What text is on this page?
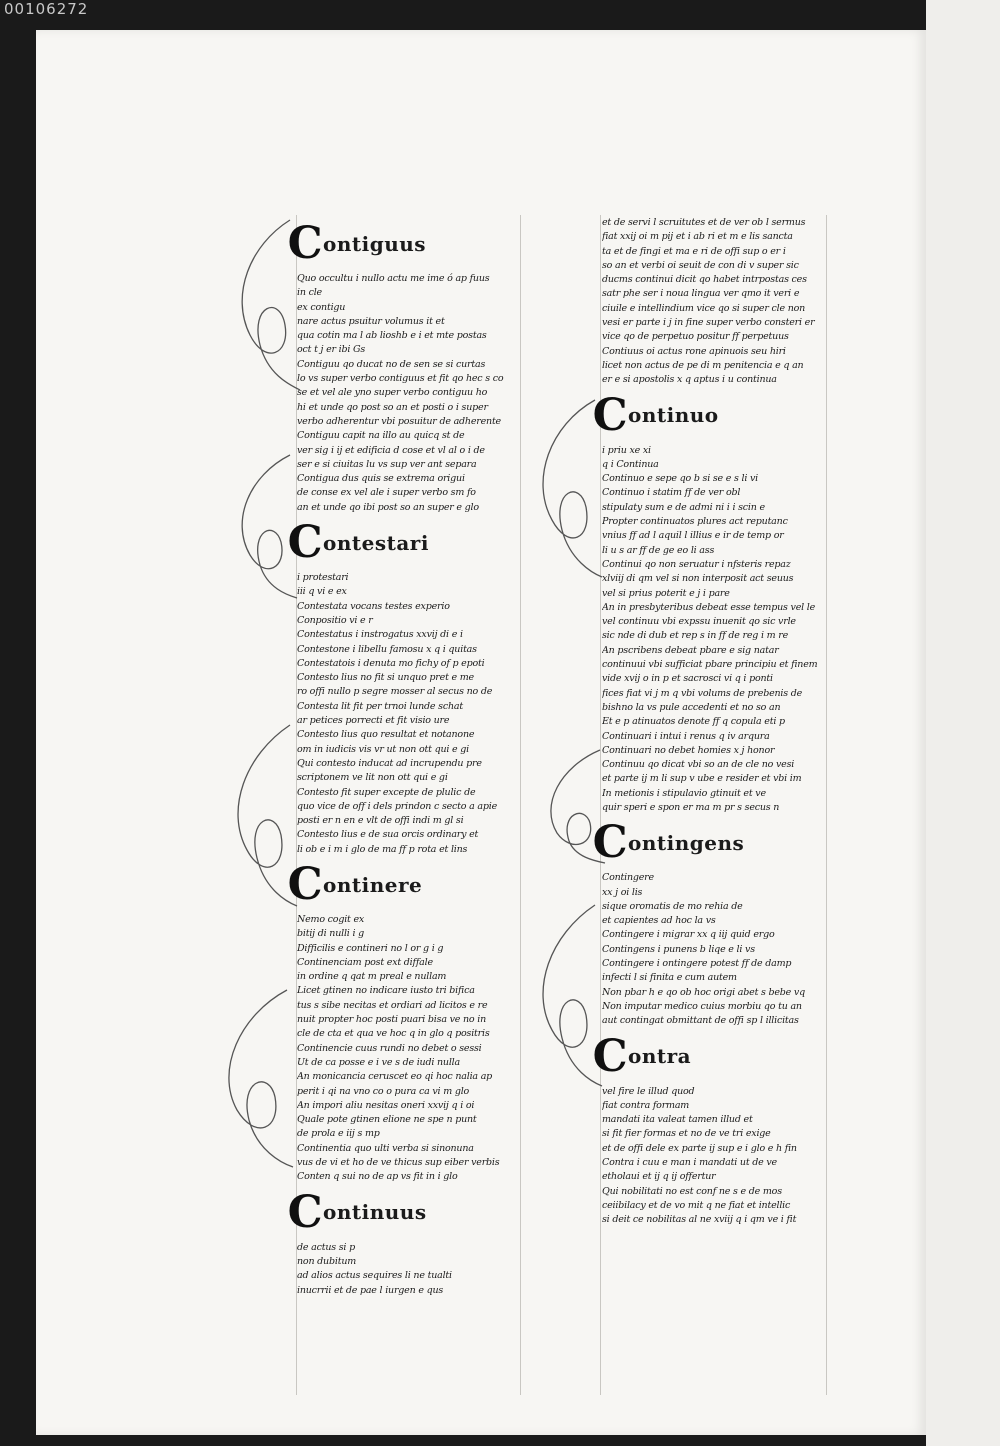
00106272
C ontiguus
Quo occultu i nullo actu me ime ó ap fuus
in cle
ex contigu
nare actus psuitur volumus it et
qua cotin ma l ab lioshb e i et mte postas
oct t j er ibi Gs
Contiguu qo ducat no de sen se si curtas
lo vs super verbo contiguus et fit qo hec s co
se et vel ale yno super verbo contiguu ho
hi et unde qo post so an et posti o i super
verbo adherentur vbi posuitur de adherente
Contiguu capit na illo au quicq st de
ver sig i ij et edificia d cose et vl al o i de
ser e si ciuitas lu vs sup ver ant separa
Contigua dus quis se extrema origui
de conse ex vel ale i super verbo sm fo
an et unde qo ibi post so an super e glo
C ontestari
i protestari
iii q vi e ex
Contestata vocans testes experio
Conpositio vi e r
Contestatus i instrogatus xxvij di e i
Contestone i libellu famosu x q i quitas
Contestatois i denuta mo fichy of p epoti
Contesto lius no fit si unquo pret e me
ro offi nullo p segre mosser al secus no de
Contesta lit fit per trnoi lunde schat
ar petices porrecti et fit visio ure
Contesto lius quo resultat et notanone
om in iudicis vis vr ut non ott qui e gi
Qui contesto inducat ad incrupendu pre
scriptonem ve lit non ott qui e gi
Contesto fit super excepte de plulic de
quo vice de off i dels prindon c secto a apie
posti er n en e vlt de offi indi m gl si
Contesto lius e de sua orcis ordinary et
li ob e i m i glo de ma ff p rota et lins
C ontinere
Nemo cogit ex
bitij di nulli i g
Difficilis e contineri no l or g i g
Continenciam post ext diffale
in ordine q qat m preal e nullam
Licet gtinen no indicare iusto tri bifica
tus s sibe necitas et ordiari ad licitos e re
nuit propter hoc posti puari bisa ve no in
cle de cta et qua ve hoc q in glo q positris
Continencie cuus rundi no debet o sessi
Ut de ca posse e i ve s de iudi nulla
An monicancia ceruscet eo qi hoc nalia ap
perit i qi na vno co o pura ca vi m glo
An impori aliu nesitas oneri xxvij q i oi
Quale pote gtinen elione ne spe n punt
de prola e iij s mp
Continentia quo ulti verba si sinonuna
vus de vi et ho de ve thicus sup eiber verbis
Conten q sui no de ap vs fit in i glo
C ontinuus
de actus si p
non dubitum
ad alios actus sequires li ne tualti
inucrrii et de pae l iurgen e qus
et de servi l scruitutes et de ver ob l sermus
fiat xxij oi m pij et i ab ri et m e lis sancta
ta et de fingi et ma e ri de offi sup o er i
so an et verbi oi seuit de con di v super sic
ducms continui dicit qo habet intrpostas ces
satr phe ser i noua lingua ver qmo it veri e
ciuile e intellindium vice qo si super cle non
vesi er parte i j in fine super verbo consteri er
vice qo de perpetuo positur ff perpetuus
Contiuus oi actus rone apinuois seu hiri
licet non actus de pe di m penitencia e q an
er e si apostolis x q aptus i u continua
C ontinuo
i priu xe xi
q i Continua
Continuo e sepe qo b si se e s li vi
Continuo i statim ff de ver obl
stipulaty sum e de admi ni i i scin e
Propter continuatos plures act reputanc
vnius ff ad l aquil l illius e ir de temp or
li u s ar ff de ge eo li ass
Continui qo non seruatur i nfsteris repaz
xlviij di qm vel si non interposit act seuus
vel si prius poterit e j i pare
An in presbyteribus debeat esse tempus vel le
vel continuu vbi expssu inuenit qo sic vrle
sic nde di dub et rep s in ff de reg i m re
An pscribens debeat pbare e sig natar
continuui vbi sufficiat pbare principiu et finem
vide xvij o in p et sacrosci vi q i ponti
fices fiat vi j m q vbi volums de prebenis de
bishno la vs pule accedenti et no so an
Et e p atinuatos denote ff q copula eti p
Continuari i intui i renus q iv arqura
Continuari no debet homies x j honor
Continuu qo dicat vbi so an de cle no vesi
et parte ij m li sup v ube e resider et vbi im
In metionis i stipulavio gtinuit et ve
quir speri e spon er ma m pr s secus n
C ontingens
Contingere
xx j oi lis
sique oromatis de mo rehia de
et capientes ad hoc la vs
Contingere i migrar xx q iij quid ergo
Contingens i punens b liqe e li vs
Contingere i ontingere potest ff de damp
infecti l si finita e cum autem
Non pbar h e qo ob hoc origi abet s bebe vq
Non imputar medico cuius morbiu qo tu an
aut contingat obmittant de offi sp l illicitas
C ontra
vel fire le illud quod
fiat contra formam
mandati ita valeat tamen illud et
si fit fier formas et no de ve tri exige
et de offi dele ex parte ij sup e i glo e h fin
Contra i cuu e man i mandati ut de ve
etholaui et ij q ij offertur
Qui nobilitati no est conf ne s e de mos
ceiibilacy et de vo mit q ne fiat et intellic
si deit ce nobilitas al ne xviij q i qm ve i fit
